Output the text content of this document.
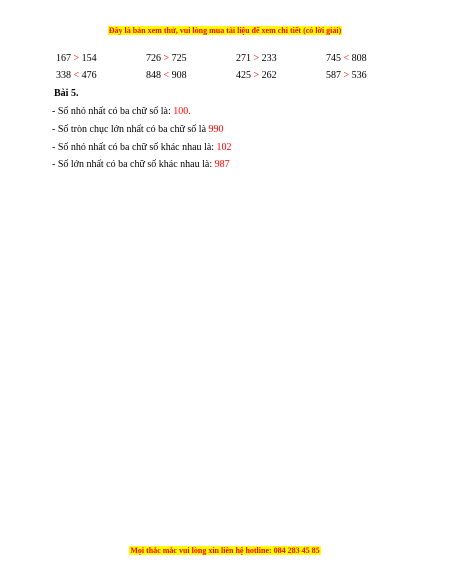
Đây là bản xem thử, vui lòng mua tài liệu để xem chi tiết (có lời giải)
167 > 154	726 > 725	271 > 233	745 < 808
338 < 476	848 < 908	425 > 262	587 > 536
Bài 5.
- Số nhỏ nhất có ba chữ số là: 100.
- Số tròn chục lớn nhất có ba chữ số là 990
- Số nhỏ nhất có ba chữ số khác nhau là: 102
- Số lớn nhất có ba chữ số khác nhau là: 987
Mọi thắc mắc vui lòng xin liên hệ hotline: 084 283 45 85
